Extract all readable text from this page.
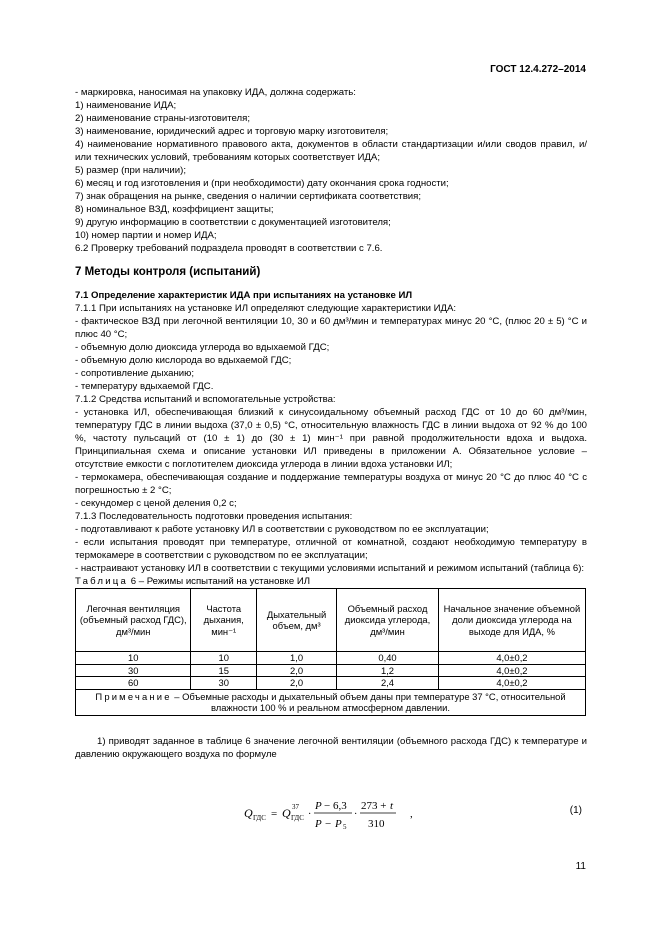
ГОСТ 12.4.272–2014

- маркировка, наносимая на упаковку ИДА, должна содержать:

1) наименование ИДА;

2) наименование страны-изготовителя;

3) наименование, юридический адрес и торговую марку изготовителя;

4) наименование нормативного правового акта, документов в области стандартизации и/или сводов правил, и/или технических условий, требованиям которых соответствует ИДА;

5) размер (при наличии);

6) месяц и год изготовления и (при необходимости) дату окончания срока годности;

7) знак обращения на рынке, сведения о наличии сертификата соответствия;

8) номинальное ВЗД, коэффициент защиты;

9) другую информацию в соответствии с документацией изготовителя;

10) номер партии и номер ИДА;

6.2 Проверку требований подраздела проводят в соответствии с 7.6.

7 Методы контроля (испытаний)

7.1 Определение характеристик ИДА при испытаниях на установке ИЛ

7.1.1 При испытаниях на установке ИЛ определяют следующие характеристики ИДА:

- фактическое ВЗД при легочной вентиляции 10, 30 и 60 дм³/мин и температурах минус 20 °С, (плюс 20 ± 5) °С и плюс 40 °С;

- объемную долю диоксида углерода во вдыхаемой ГДС;

- объемную долю кислорода во вдыхаемой ГДС;

- сопротивление дыханию;

- температуру вдыхаемой ГДС.

7.1.2 Средства испытаний и вспомогательные устройства:

- установка ИЛ, обеспечивающая близкий к синусоидальному объемный расход ГДС от 10 до 60 дм³/мин, температуру ГДС в линии выдоха (37,0 ± 0,5) °С, относительную влажность ГДС в линии выдоха от 92 % до 100 %, частоту пульсаций от (10 ± 1) до (30 ± 1) мин⁻¹ при равной продолжительности вдоха и выдоха. Принципиальная схема и описание установки ИЛ приведены в приложении А. Обязательное условие – отсутствие емкости с поглотителем диоксида углерода в линии вдоха установки ИЛ;

- термокамера, обеспечивающая создание и поддержание температуры воздуха от минус 20 °С до плюс 40 °С с погрешностью ± 2 °С;

- секундомер с ценой деления 0,2 с;

7.1.3 Последовательность подготовки проведения испытания:

- подготавливают к работе установку ИЛ в соответствии с руководством по ее эксплуатации;

- если испытания проводят при температуре, отличной от комнатной, создают необходимую температуру в термокамере в соответствии с руководством по ее эксплуатации;

- настраивают установку ИЛ в соответствии с текущими условиями испытаний и режимом испытаний (таблица 6):

Таблица 6 – Режимы испытаний на установке ИЛ
Легочная вентиляция (объемный расход ГДС), дм³/мин	Частота дыхания, мин⁻¹	Дыхательный объем, дм³	Объемный расход диоксида углерода, дм³/мин	Начальное значение объемной доли диоксида углерода на выходе для ИДА, %
10	10	1,0	0,40	4,0±0,2
30	15	2,0	1,2	4,0±0,2
60	30	2,0	2,4	4,0±0,2
Примечание – Объемные расходы и дыхательный объем даны при температуре 37 °С, относительной влажности 100 % и реальном атмосферном давлении.				

1) приводят заданное в таблице 6 значение легочной вентиляции (объемного расхода ГДС) к температуре и давлению окружающего воздуха по формуле

Q ГДС = Q ГДС
37
·
P − 6,3
P − P 5
·
273 + t
310
,	(1)
11
